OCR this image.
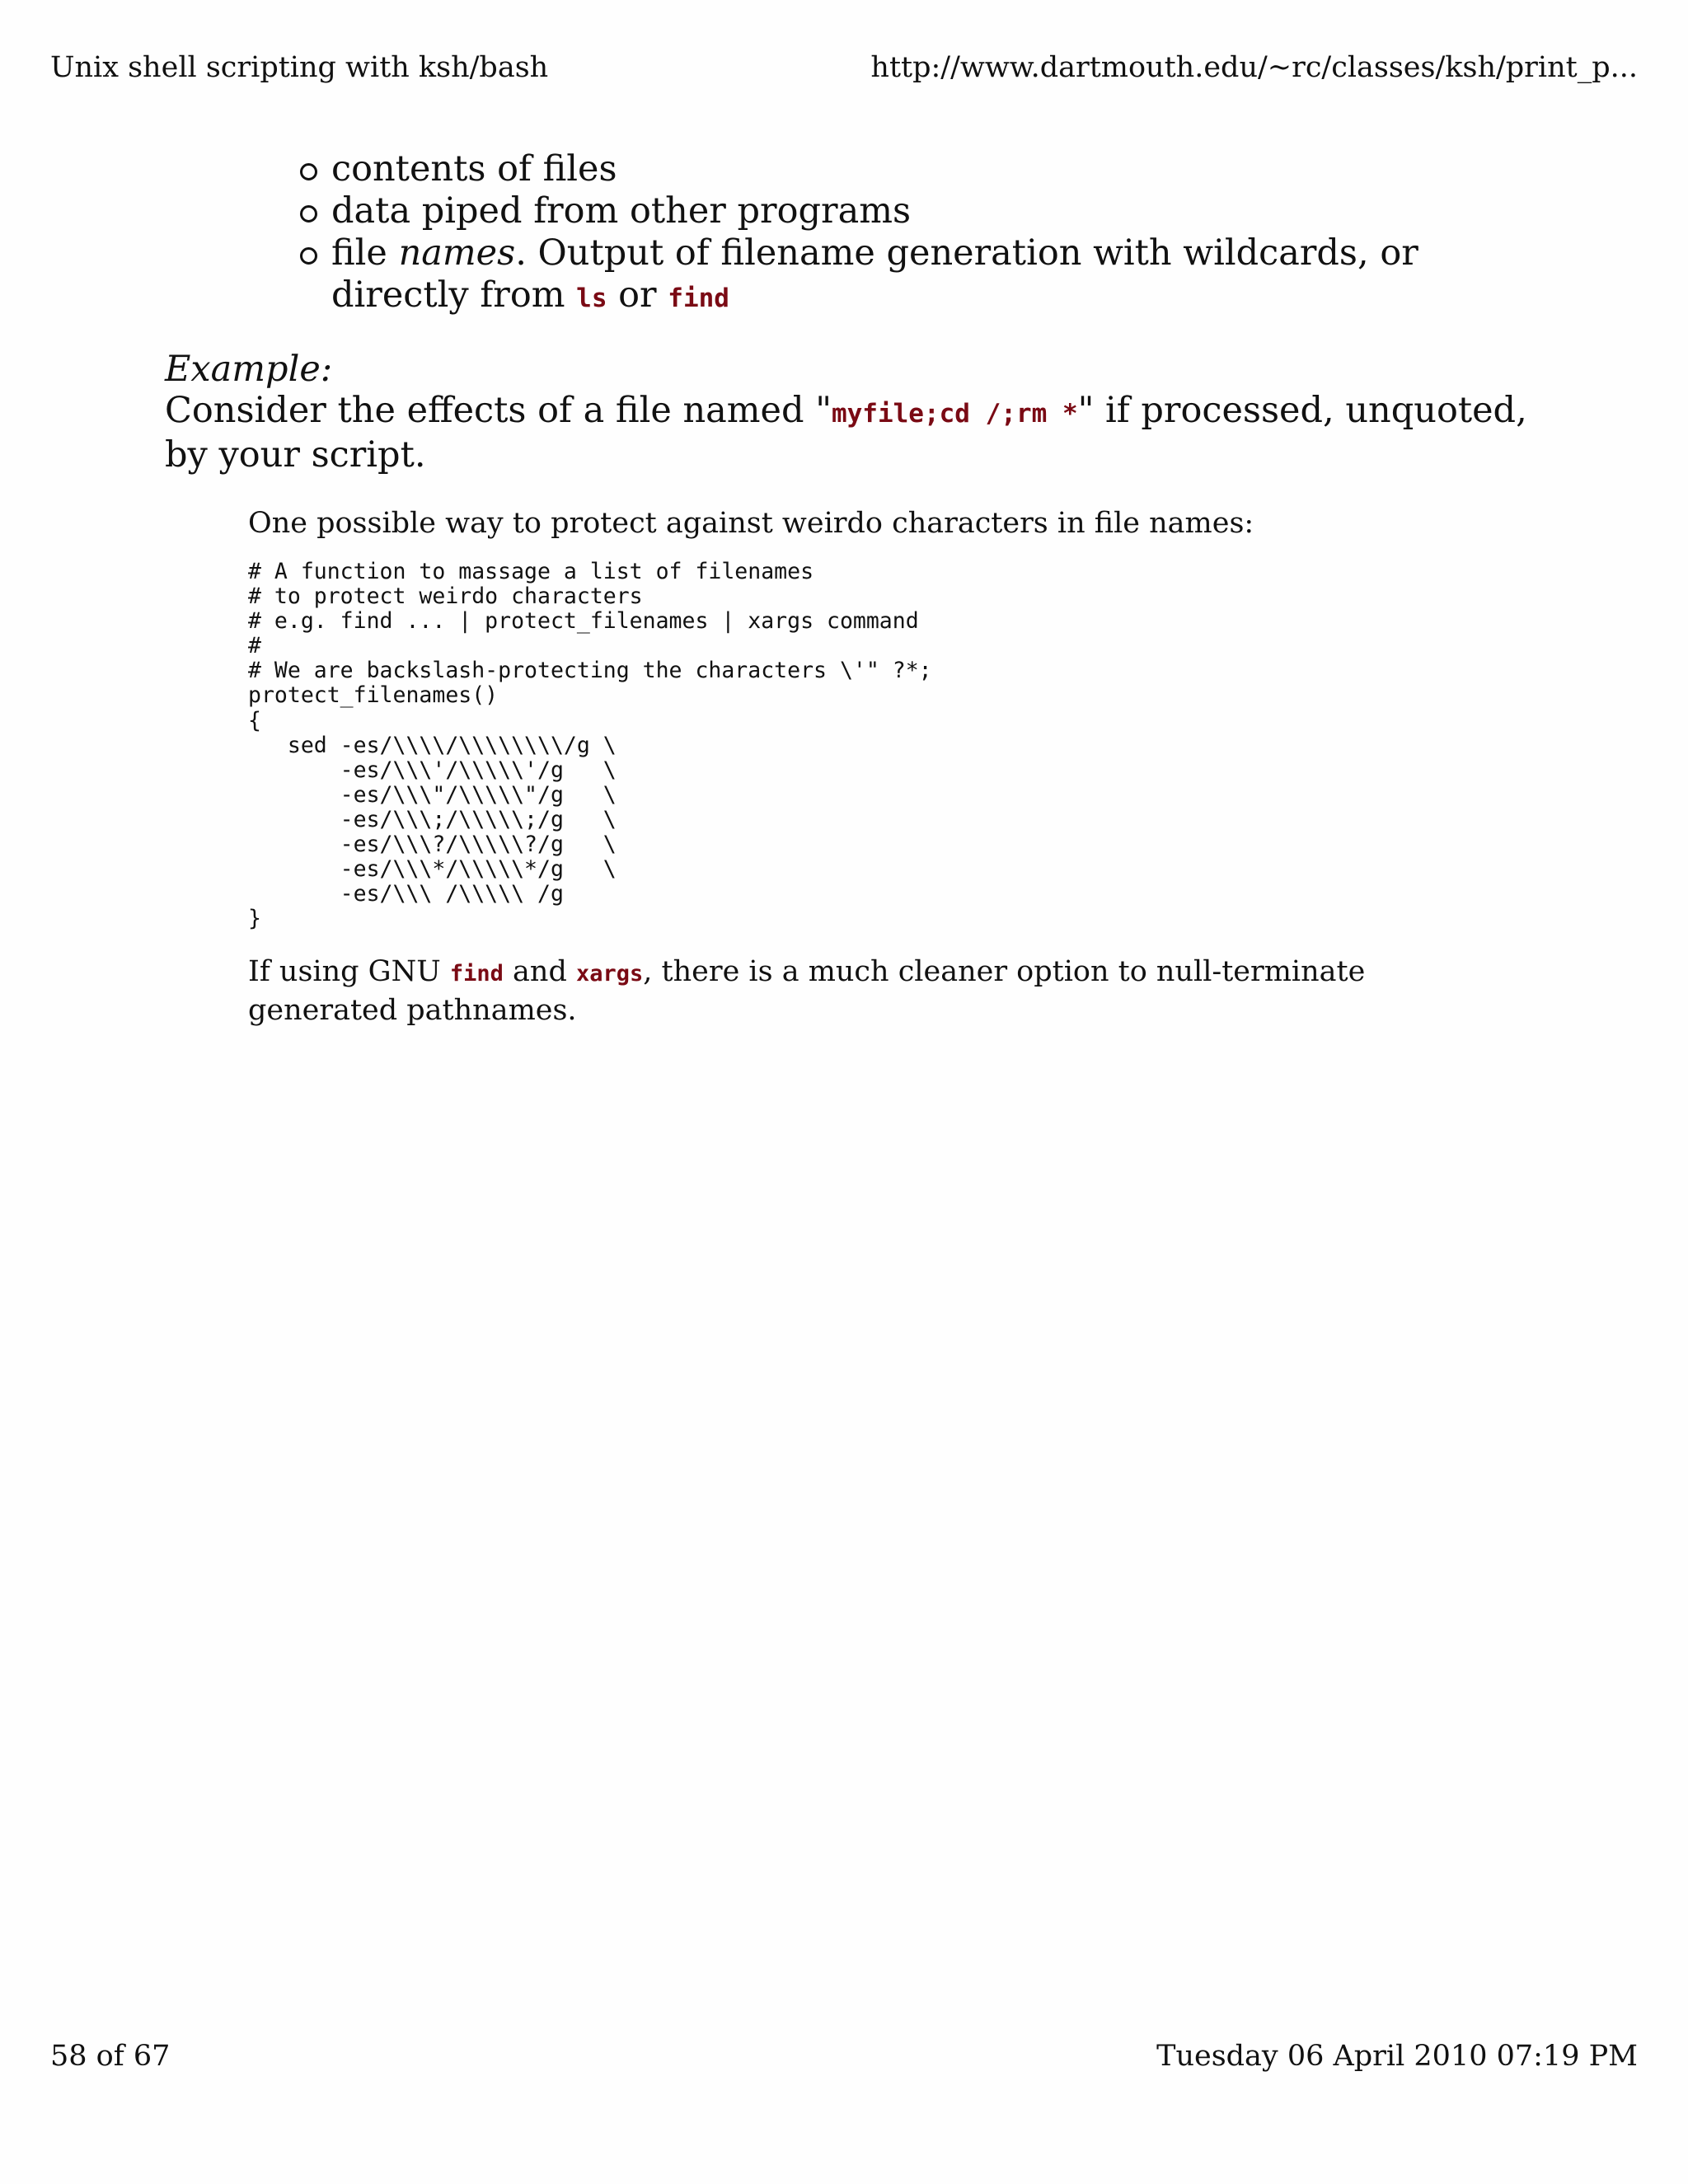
Unix shell scripting with ksh/bash	http://www.dartmouth.edu/~rc/classes/ksh/print_p...
contents of files
data piped from other programs
file names. Output of filename generation with wildcards, or directly from ls or find
Example:
Consider the effects of a file named "myfile;cd /;rm *" if processed, unquoted, by your script.
One possible way to protect against weirdo characters in file names:
# A function to massage a list of filenames
# to protect weirdo characters
# e.g. find ... | protect_filenames | xargs command
#
# We are backslash-protecting the characters \'" ?*;
protect_filenames()
{
sed -es/\\\\/\\\\\\\\/g \
-es/\\\'/\\\\\'/g   \
-es/\\\"/\\\\\"/g   \
-es/\\\;/\\\\\;/g   \
-es/\\\?/\\\\\?/g   \
-es/\\\*/\\\\\*/g   \
-es/\\\ /\\\\\ /g
}
If using GNU find and xargs, there is a much cleaner option to null-terminate generated pathnames.
58 of 67	Tuesday 06 April 2010 07:19 PM
